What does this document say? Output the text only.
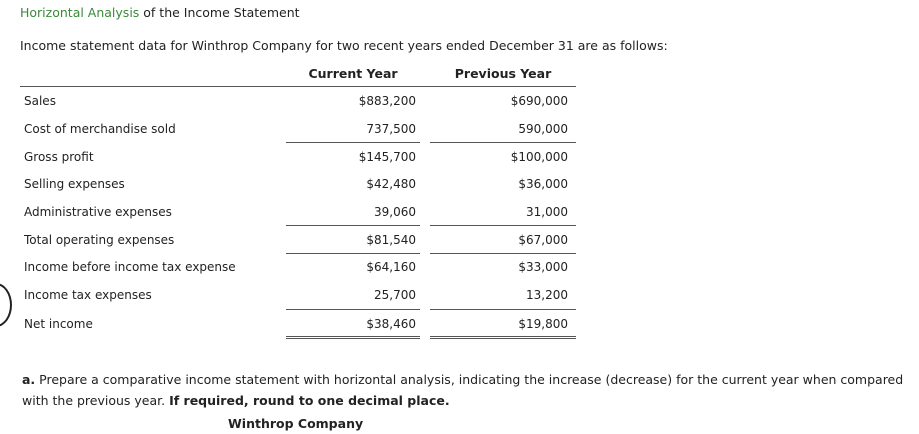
Horizontal Analysis of the Income Statement
Income statement data for Winthrop Company for two recent years ended December 31 are as follows:
Current Year	Previous Year
Sales	$883,200	$690,000
Cost of merchandise sold	737,500	590,000
Gross profit	$145,700	$100,000
Selling expenses	$42,480	$36,000
Administrative expenses	39,060	31,000
Total operating expenses	$81,540	$67,000
Income before income tax expense	$64,160	$33,000
Income tax expenses	25,700	13,200
Net income	$38,460	$19,800
a. Prepare a comparative income statement with horizontal analysis, indicating the increase (decrease) for the current year when compared with the previous year. If required, round to one decimal place.
Winthrop Company
